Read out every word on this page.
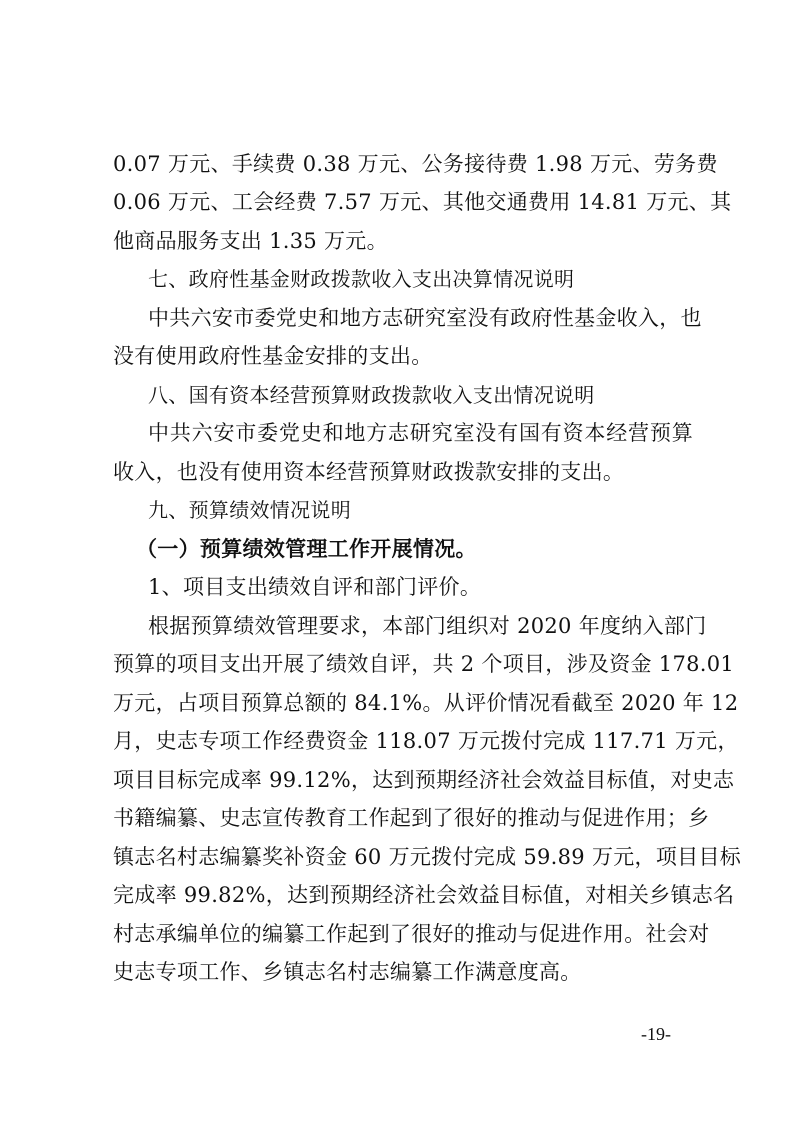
0.07 万元、手续费 0.38 万元、公务接待费 1.98 万元、劳务费

0.06 万元、工会经费 7.57 万元、其他交通费用 14.81 万元、其

他商品服务支出 1.35 万元。

七、政府性基金财政拨款收入支出决算情况说明

中共六安市委党史和地方志研究室没有政府性基金收入，也

没有使用政府性基金安排的支出。

八、国有资本经营预算财政拨款收入支出情况说明

中共六安市委党史和地方志研究室没有国有资本经营预算

收入，也没有使用资本经营预算财政拨款安排的支出。

九、预算绩效情况说明

（一）预算绩效管理工作开展情况。

1、项目支出绩效自评和部门评价。

根据预算绩效管理要求，本部门组织对 2020 年度纳入部门

预算的项目支出开展了绩效自评，共 2 个项目，涉及资金 178.01

万元，占项目预算总额的 84.1%。从评价情况看截至 2020 年 12

月，史志专项工作经费资金 118.07 万元拨付完成 117.71 万元，

项目目标完成率 99.12%，达到预期经济社会效益目标值，对史志

书籍编纂、史志宣传教育工作起到了很好的推动与促进作用；乡

镇志名村志编纂奖补资金 60 万元拨付完成 59.89 万元，项目目标

完成率 99.82%，达到预期经济社会效益目标值，对相关乡镇志名

村志承编单位的编纂工作起到了很好的推动与促进作用。社会对

史志专项工作、乡镇志名村志编纂工作满意度高。

-19-
